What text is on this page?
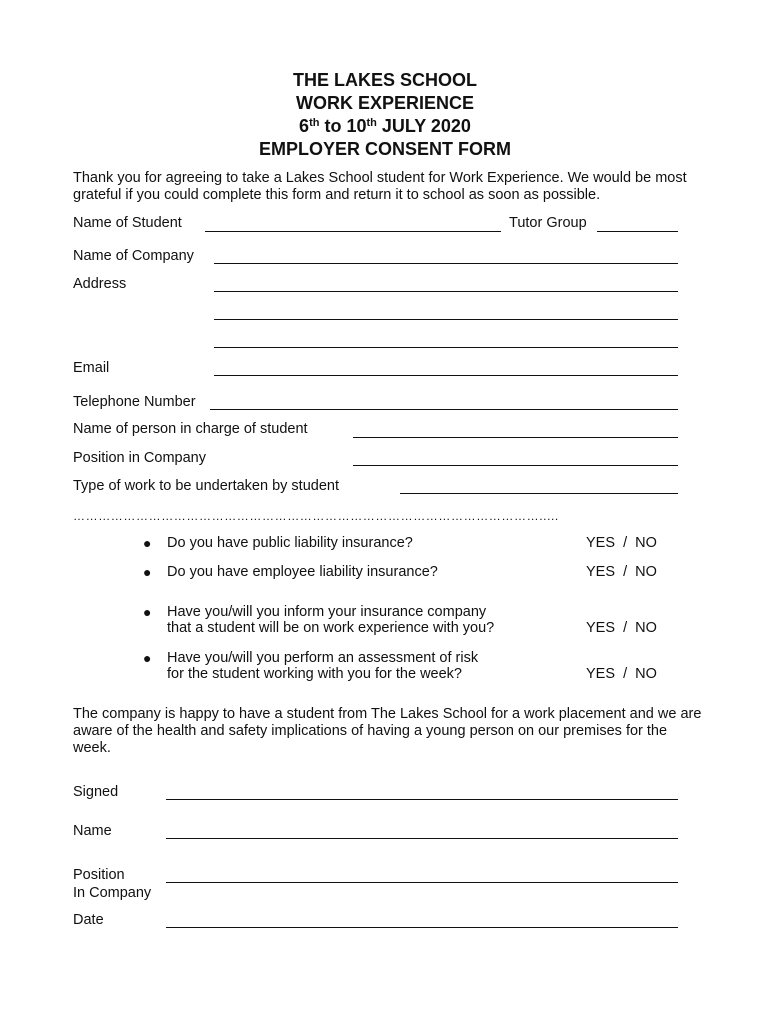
THE LAKES SCHOOL
WORK EXPERIENCE
6th to 10th JULY 2020
EMPLOYER CONSENT FORM
Thank you for agreeing to take a Lakes School student for Work Experience. We would be most grateful if you could complete this form and return it to school as soon as possible.
Name of Student	Tutor Group
Name of Company
Address
Email
Telephone Number
Name of person in charge of student
Position in Company
Type of work to be undertaken by student
………………………………………………………………………………………………….....
● Do you have public liability insurance?	YES  /  NO
● Do you have employee liability insurance?	YES  /  NO
● Have you/will you inform your insurance company
that a student will be on work experience with you?	YES  /  NO
● Have you/will you perform an assessment of risk
for the student working with you for the week?	YES  /  NO
The company is happy to have a student from The Lakes School for a work placement and we are aware of the health and safety implications of having a young person on our premises for the week.
Signed
Name
Position
In Company
Date
